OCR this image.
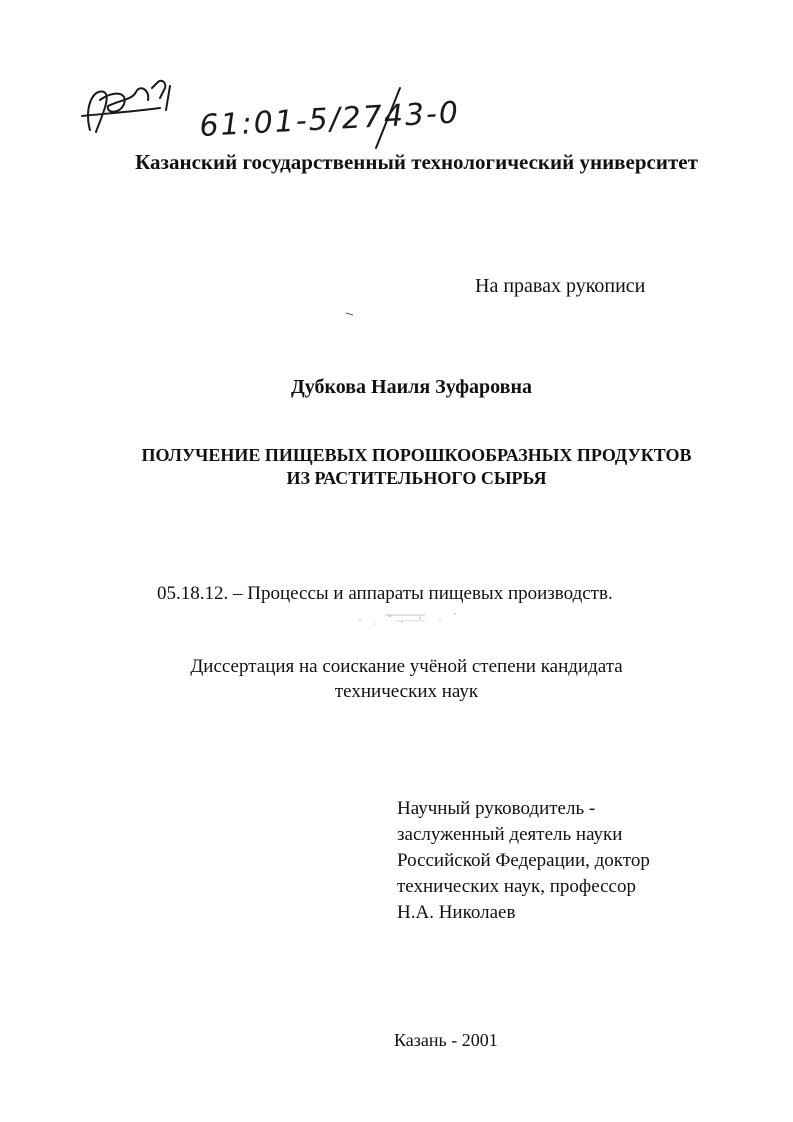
61:01-5/2743-0
Казанский государственный технологический университет
На правах рукописи
Дубкова Наиля Зуфаровна
ПОЛУЧЕНИЕ ПИЩЕВЫХ ПОРОШКООБРАЗНЫХ ПРОДУКТОВ
ИЗ РАСТИТЕЛЬНОГО СЫРЬЯ
05.18.12. – Процессы и аппараты пищевых производств.
Диссертация на соискание учёной степени кандидата
технических наук
Научный руководитель -
заслуженный деятель науки
Российской Федерации, доктор
технических наук, профессор
Н.А. Николаев
Казань - 2001
